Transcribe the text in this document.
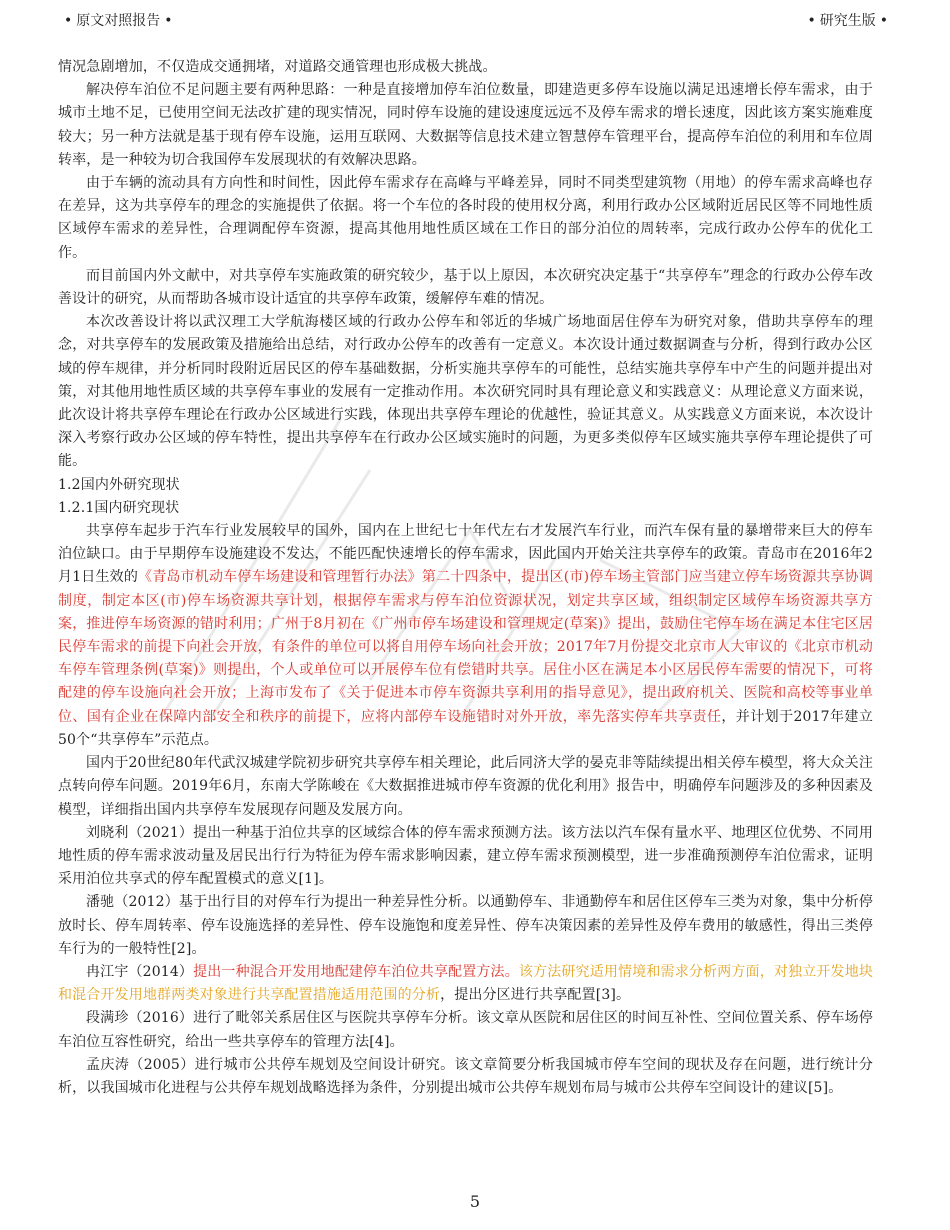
• 原文对照报告 •	• 研究生版 •

情况急剧增加，不仅造成交通拥堵，对道路交通管理也形成极大挑战。

解决停车泊位不足问题主要有两种思路：一种是直接增加停车泊位数量，即建造更多停车设施以满足迅速增长停车需求，由于城市土地不足，已使用空间无法改扩建的现实情况，同时停车设施的建设速度远远不及停车需求的增长速度，因此该方案实施难度较大；另一种方法就是基于现有停车设施，运用互联网、大数据等信息技术建立智慧停车管理平台，提高停车泊位的利用和车位周转率，是一种较为切合我国停车发展现状的有效解决思路。

由于车辆的流动具有方向性和时间性，因此停车需求存在高峰与平峰差异，同时不同类型建筑物（用地）的停车需求高峰也存在差异，这为共享停车的理念的实施提供了依据。将一个车位的各时段的使用权分离，利用行政办公区域附近居民区等不同地性质区域停车需求的差异性，合理调配停车资源，提高其他用地性质区域在工作日的部分泊位的周转率，完成行政办公停车的优化工作。

而目前国内外文献中，对共享停车实施政策的研究较少，基于以上原因，本次研究决定基于“共享停车”理念的行政办公停车改善设计的研究，从而帮助各城市设计适宜的共享停车政策，缓解停车难的情况。

本次改善设计将以武汉理工大学航海楼区域的行政办公停车和邻近的华城广场地面居住停车为研究对象，借助共享停车的理念，对共享停车的发展政策及措施给出总结，对行政办公停车的改善有一定意义。本次设计通过数据调查与分析，得到行政办公区域的停车规律，并分析同时段附近居民区的停车基础数据，分析实施共享停车的可能性，总结实施共享停车中产生的问题并提出对策，对其他用地性质区域的共享停车事业的发展有一定推动作用。本次研究同时具有理论意义和实践意义：从理论意义方面来说，此次设计将共享停车理论在行政办公区域进行实践，体现出共享停车理论的优越性，验证其意义。从实践意义方面来说，本次设计深入考察行政办公区域的停车特性，提出共享停车在行政办公区域实施时的问题，为更多类似停车区域实施共享停车理论提供了可能。

1.2国内外研究现状

1.2.1国内研究现状

共享停车起步于汽车行业发展较早的国外，国内在上世纪七十年代左右才发展汽车行业，而汽车保有量的暴增带来巨大的停车泊位缺口。由于早期停车设施建设不发达，不能匹配快速增长的停车需求，因此国内开始关注共享停车的政策。青岛市在2016年2月1日生效的《青岛市机动车停车场建设和管理暂行办法》第二十四条中，提出区(市)停车场主管部门应当建立停车场资源共享协调制度，制定本区(市)停车场资源共享计划，根据停车需求与停车泊位资源状况，划定共享区域，组织制定区域停车场资源共享方案，推进停车场资源的错时利用；广州于8月初在《广州市停车场建设和管理规定(草案)》提出，鼓励住宅停车场在满足本住宅区居民停车需求的前提下向社会开放，有条件的单位可以将自用停车场向社会开放；2017年7月份提交北京市人大审议的《北京市机动车停车管理条例(草案)》则提出，个人或单位可以开展停车位有偿错时共享。居住小区在满足本小区居民停车需要的情况下，可将配建的停车设施向社会开放；上海市发布了《关于促进本市停车资源共享利用的指导意见》，提出政府机关、医院和高校等事业单位、国有企业在保障内部安全和秩序的前提下，应将内部停车设施错时对外开放，率先落实停车共享责任，并计划于2017年建立50个“共享停车”示范点。

国内于20世纪80年代武汉城建学院初步研究共享停车相关理论，此后同济大学的晏克非等陆续提出相关停车模型，将大众关注点转向停车问题。2019年6月，东南大学陈峻在《大数据推进城市停车资源的优化利用》报告中，明确停车问题涉及的多种因素及模型，详细指出国内共享停车发展现存问题及发展方向。

刘晓利（2021）提出一种基于泊位共享的区域综合体的停车需求预测方法。该方法以汽车保有量水平、地理区位优势、不同用地性质的停车需求波动量及居民出行行为特征为停车需求影响因素，建立停车需求预测模型，进一步准确预测停车泊位需求，证明采用泊位共享式的停车配置模式的意义[1]。

潘驰（2012）基于出行目的对停车行为提出一种差异性分析。以通勤停车、非通勤停车和居住区停车三类为对象，集中分析停放时长、停车周转率、停车设施选择的差异性、停车设施饱和度差异性、停车决策因素的差异性及停车费用的敏感性，得出三类停车行为的一般特性[2]。

冉江宇（2014）提出一种混合开发用地配建停车泊位共享配置方法。该方法研究适用情境和需求分析两方面，对独立开发地块和混合开发用地群两类对象进行共享配置措施适用范围的分析，提出分区进行共享配置[3]。

段满珍（2016）进行了毗邻关系居住区与医院共享停车分析。该文章从医院和居住区的时间互补性、空间位置关系、停车场停车泊位互容性研究，给出一些共享停车的管理方法[4]。

孟庆涛（2005）进行城市公共停车规划及空间设计研究。该文章简要分析我国城市停车空间的现状及存在问题，进行统计分析，以我国城市化进程与公共停车规划战略选择为条件，分别提出城市公共停车规划布局与城市公共停车空间设计的建议[5]。

5
